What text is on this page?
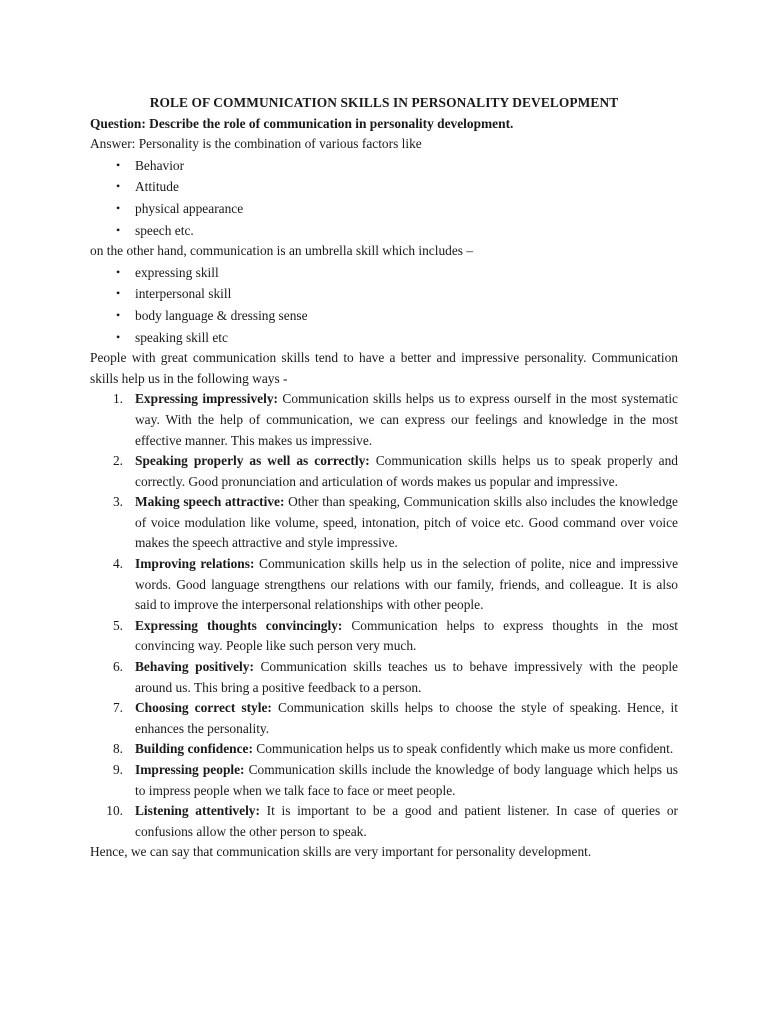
ROLE OF COMMUNICATION SKILLS IN PERSONALITY DEVELOPMENT

Question: Describe the role of communication in personality development.

Answer: Personality is the combination of various factors like

• Behavior
• Attitude
• physical appearance
• speech etc.

on the other hand, communication is an umbrella skill which includes –

• expressing skill
• interpersonal skill
• body language & dressing sense
• speaking skill etc

People with great communication skills tend to have a better and impressive personality. Communication skills help us in the following ways -

1. Expressing impressively: Communication skills helps us to express ourself in the most systematic way. With the help of communication, we can express our feelings and knowledge in the most effective manner. This makes us impressive.
2. Speaking properly as well as correctly: Communication skills helps us to speak properly and correctly. Good pronunciation and articulation of words makes us popular and impressive.
3. Making speech attractive: Other than speaking, Communication skills also includes the knowledge of voice modulation like volume, speed, intonation, pitch of voice etc. Good command over voice makes the speech attractive and style impressive.
4. Improving relations: Communication skills help us in the selection of polite, nice and impressive words. Good language strengthens our relations with our family, friends, and colleague. It is also said to improve the interpersonal relationships with other people.
5. Expressing thoughts convincingly: Communication helps to express thoughts in the most convincing way. People like such person very much.
6. Behaving positively: Communication skills teaches us to behave impressively with the people around us. This bring a positive feedback to a person.
7. Choosing correct style: Communication skills helps to choose the style of speaking. Hence, it enhances the personality.
8. Building confidence: Communication helps us to speak confidently which make us more confident.
9. Impressing people: Communication skills include the knowledge of body language which helps us to impress people when we talk face to face or meet people.
10. Listening attentively: It is important to be a good and patient listener. In case of queries or confusions allow the other person to speak.

Hence, we can say that communication skills are very important for personality development.
